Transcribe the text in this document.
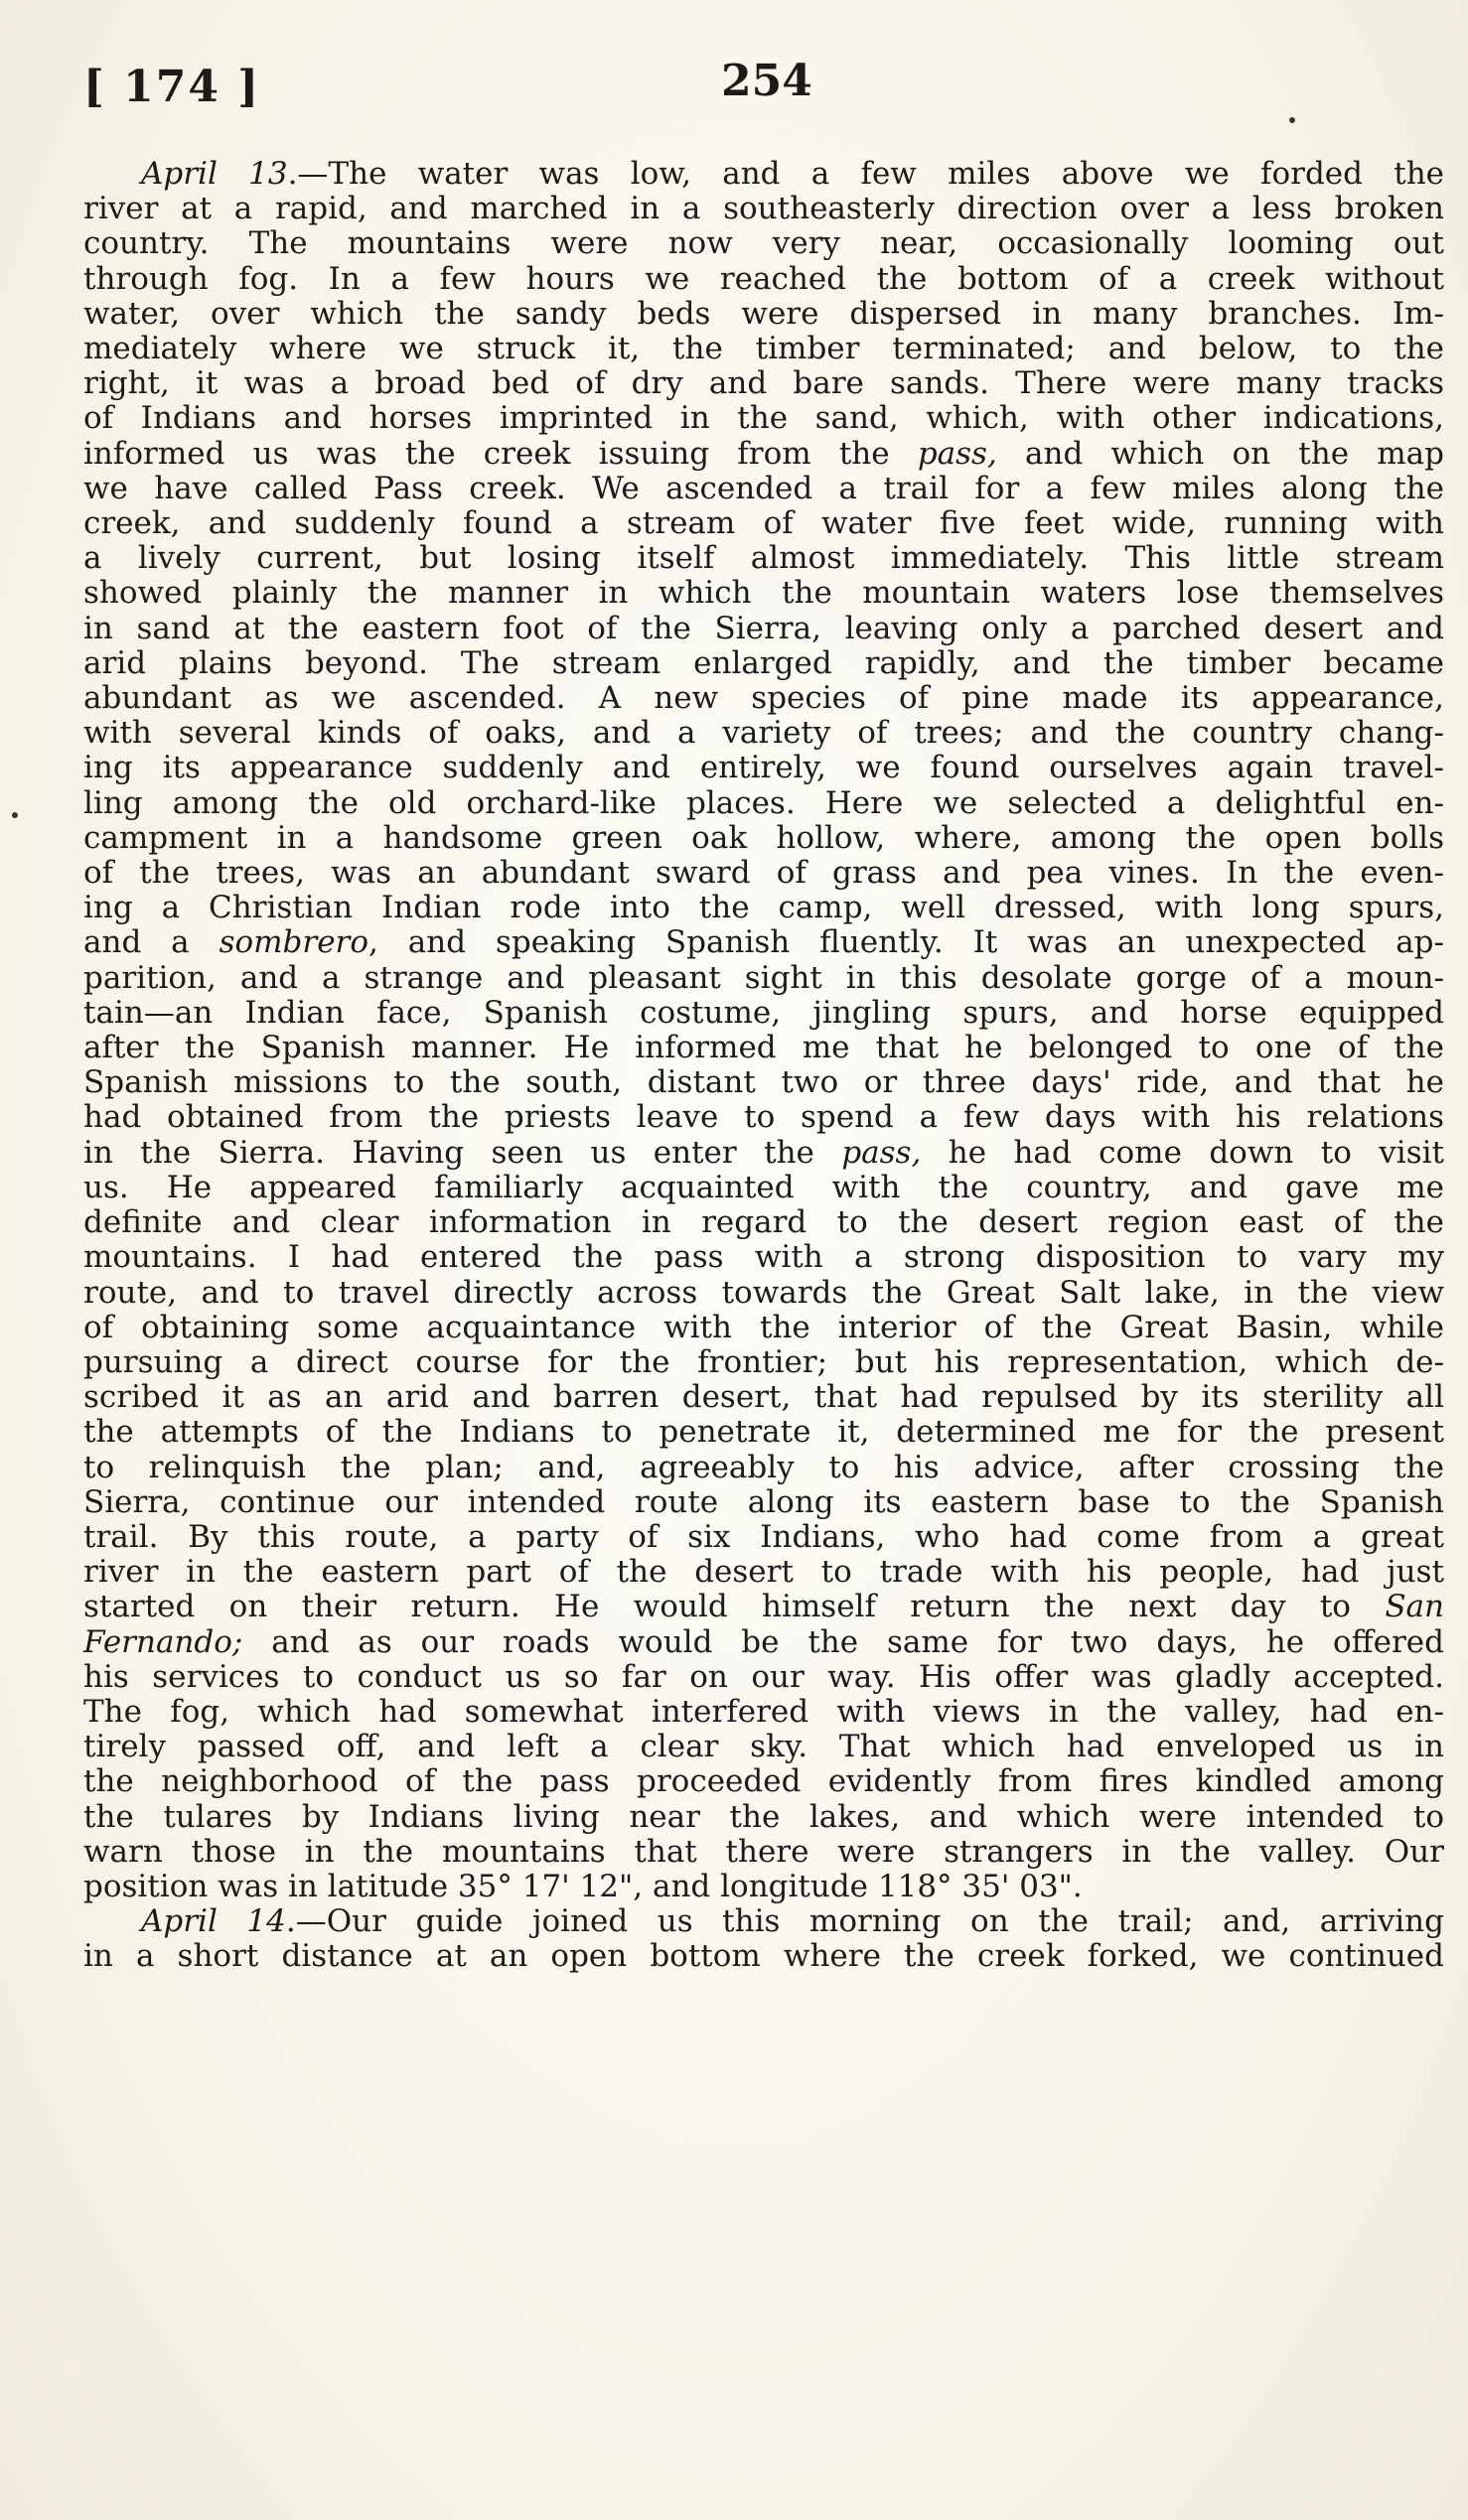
[ 174 ]	254
April 13.—The water was low, and a few miles above we forded the
river at a rapid, and marched in a southeasterly direction over a less broken
country. The mountains were now very near, occasionally looming out
through fog. In a few hours we reached the bottom of a creek without
water, over which the sandy beds were dispersed in many branches. Im-
mediately where we struck it, the timber terminated; and below, to the
right, it was a broad bed of dry and bare sands. There were many tracks
of Indians and horses imprinted in the sand, which, with other indications,
informed us was the creek issuing from the pass, and which on the map
we have called Pass creek. We ascended a trail for a few miles along the
creek, and suddenly found a stream of water five feet wide, running with
a lively current, but losing itself almost immediately. This little stream
showed plainly the manner in which the mountain waters lose themselves
in sand at the eastern foot of the Sierra, leaving only a parched desert and
arid plains beyond. The stream enlarged rapidly, and the timber became
abundant as we ascended. A new species of pine made its appearance,
with several kinds of oaks, and a variety of trees; and the country chang-
ing its appearance suddenly and entirely, we found ourselves again travel-
ling among the old orchard-like places. Here we selected a delightful en-
campment in a handsome green oak hollow, where, among the open bolls
of the trees, was an abundant sward of grass and pea vines. In the even-
ing a Christian Indian rode into the camp, well dressed, with long spurs,
and a sombrero, and speaking Spanish fluently. It was an unexpected ap-
parition, and a strange and pleasant sight in this desolate gorge of a moun-
tain—an Indian face, Spanish costume, jingling spurs, and horse equipped
after the Spanish manner. He informed me that he belonged to one of the
Spanish missions to the south, distant two or three days' ride, and that he
had obtained from the priests leave to spend a few days with his relations
in the Sierra. Having seen us enter the pass, he had come down to visit
us. He appeared familiarly acquainted with the country, and gave me
definite and clear information in regard to the desert region east of the
mountains. I had entered the pass with a strong disposition to vary my
route, and to travel directly across towards the Great Salt lake, in the view
of obtaining some acquaintance with the interior of the Great Basin, while
pursuing a direct course for the frontier; but his representation, which de-
scribed it as an arid and barren desert, that had repulsed by its sterility all
the attempts of the Indians to penetrate it, determined me for the present
to relinquish the plan; and, agreeably to his advice, after crossing the
Sierra, continue our intended route along its eastern base to the Spanish
trail. By this route, a party of six Indians, who had come from a great
river in the eastern part of the desert to trade with his people, had just
started on their return. He would himself return the next day to San
Fernando; and as our roads would be the same for two days, he offered
his services to conduct us so far on our way. His offer was gladly accepted.
The fog, which had somewhat interfered with views in the valley, had en-
tirely passed off, and left a clear sky. That which had enveloped us in
the neighborhood of the pass proceeded evidently from fires kindled among
the tulares by Indians living near the lakes, and which were intended to
warn those in the mountains that there were strangers in the valley. Our
position was in latitude 35° 17' 12", and longitude 118° 35' 03".
April 14.—Our guide joined us this morning on the trail; and, arriving
in a short distance at an open bottom where the creek forked, we continued
